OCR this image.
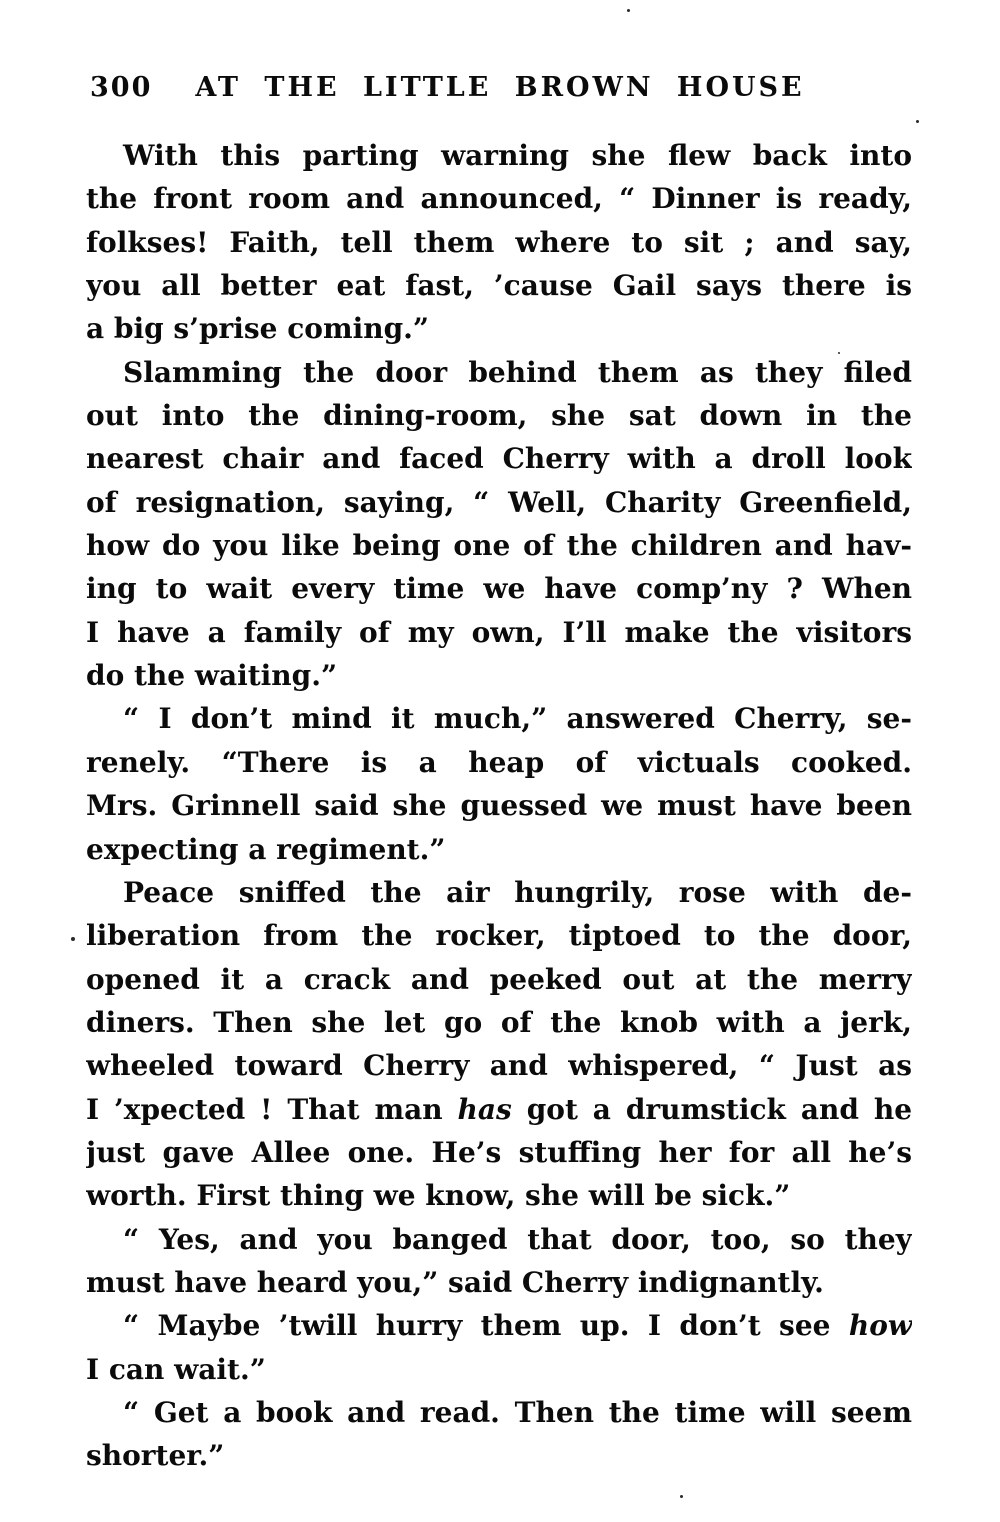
300	AT THE LITTLE BROWN HOUSE
With this parting warning she flew back into
the front room and announced, “ Dinner is ready,
folkses! Faith, tell them where to sit ; and say,
you all better eat fast, ’cause Gail says there is
a big s’prise coming.”
Slamming the door behind them as they filed
out into the dining-room, she sat down in the
nearest chair and faced Cherry with a droll look
of resignation, saying, “ Well, Charity Greenfield,
how do you like being one of the children and hav-
ing to wait every time we have comp’ny ? When
I have a family of my own, I’ll make the visitors
do the waiting.”
“ I don’t mind it much,” answered Cherry, se-
renely. “There is a heap of victuals cooked.
Mrs. Grinnell said she guessed we must have been
expecting a regiment.”
Peace sniffed the air hungrily, rose with de-
liberation from the rocker, tiptoed to the door,
opened it a crack and peeked out at the merry
diners. Then she let go of the knob with a jerk,
wheeled toward Cherry and whispered, “ Just as
I ’xpected ! That man has got a drumstick and he
just gave Allee one. He’s stuffing her for all he’s
worth. First thing we know, she will be sick.”
“ Yes, and you banged that door, too, so they
must have heard you,” said Cherry indignantly.
“ Maybe ’twill hurry them up. I don’t see how
I can wait.”
“ Get a book and read. Then the time will seem
shorter.”
